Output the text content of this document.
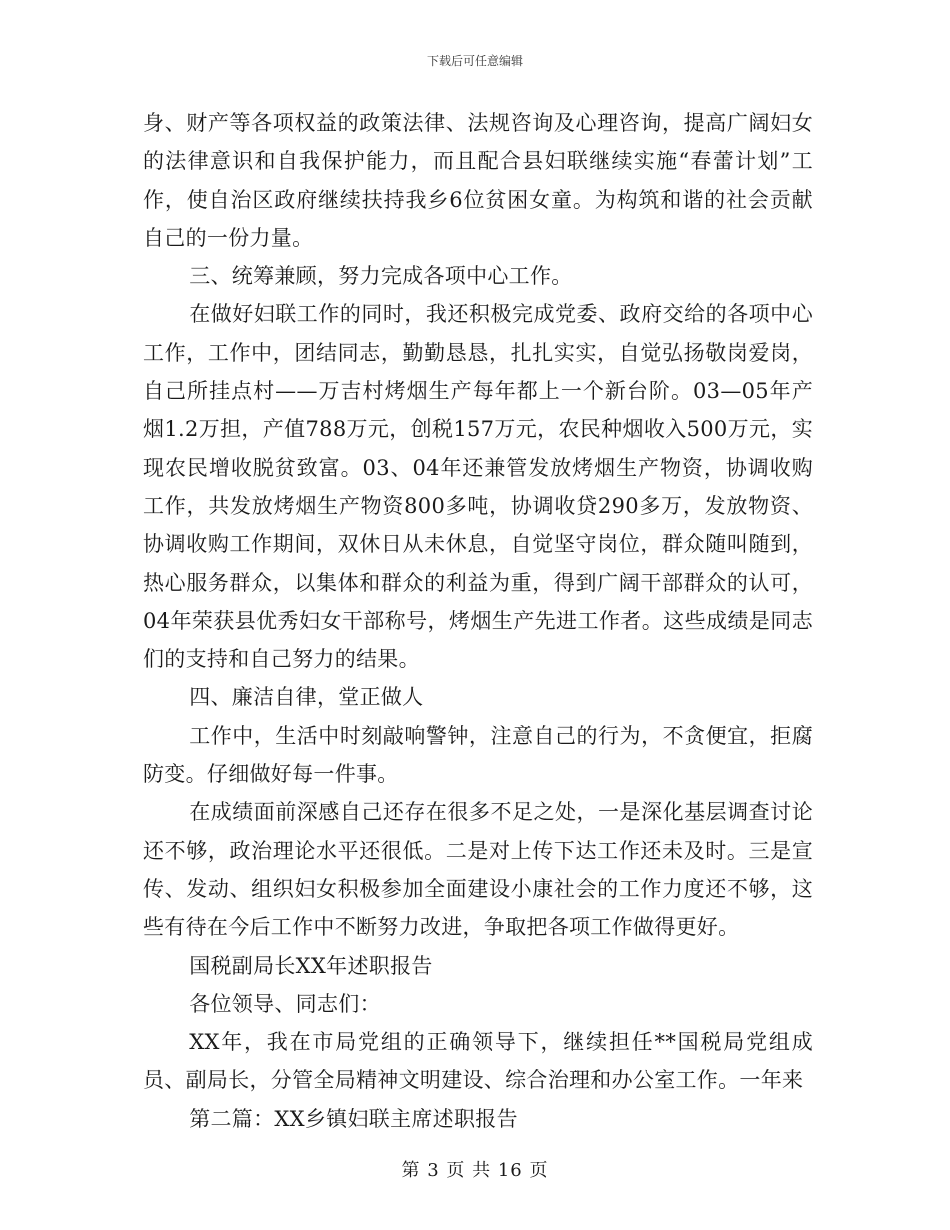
下载后可任意编辑

身、财产等各项权益的政策法律、法规咨询及心理咨询，提高广阔妇女的法律意识和自我保护能力，而且配合县妇联继续实施“春蕾计划”工作，使自治区政府继续扶持我乡6位贫困女童。为构筑和谐的社会贡献自己的一份力量。

三、统筹兼顾，努力完成各项中心工作。

在做好妇联工作的同时，我还积极完成党委、政府交给的各项中心工作，工作中，团结同志，勤勤恳恳，扎扎实实，自觉弘扬敬岗爱岗，自己所挂点村——万吉村烤烟生产每年都上一个新台阶。03—05年产烟1.2万担，产值788万元，创税157万元，农民种烟收入500万元，实现农民增收脱贫致富。03、04年还兼管发放烤烟生产物资，协调收购工作，共发放烤烟生产物资800多吨，协调收贷290多万，发放物资、协调收购工作期间，双休日从未休息，自觉坚守岗位，群众随叫随到，热心服务群众，以集体和群众的利益为重，得到广阔干部群众的认可，04年荣获县优秀妇女干部称号，烤烟生产先进工作者。这些成绩是同志们的支持和自己努力的结果。

四、廉洁自律，堂正做人

工作中，生活中时刻敲响警钟，注意自己的行为，不贪便宜，拒腐防变。仔细做好每一件事。

在成绩面前深感自己还存在很多不足之处，一是深化基层调查讨论还不够，政治理论水平还很低。二是对上传下达工作还未及时。三是宣传、发动、组织妇女积极参加全面建设小康社会的工作力度还不够，这些有待在今后工作中不断努力改进，争取把各项工作做得更好。

国税副局长XX年述职报告

各位领导、同志们：

XX年，我在市局党组的正确领导下，继续担任**国税局党组成员、副局长，分管全局精神文明建设、综合治理和办公室工作。一年来

第二篇：XX乡镇妇联主席述职报告

第 3 页 共 16 页
